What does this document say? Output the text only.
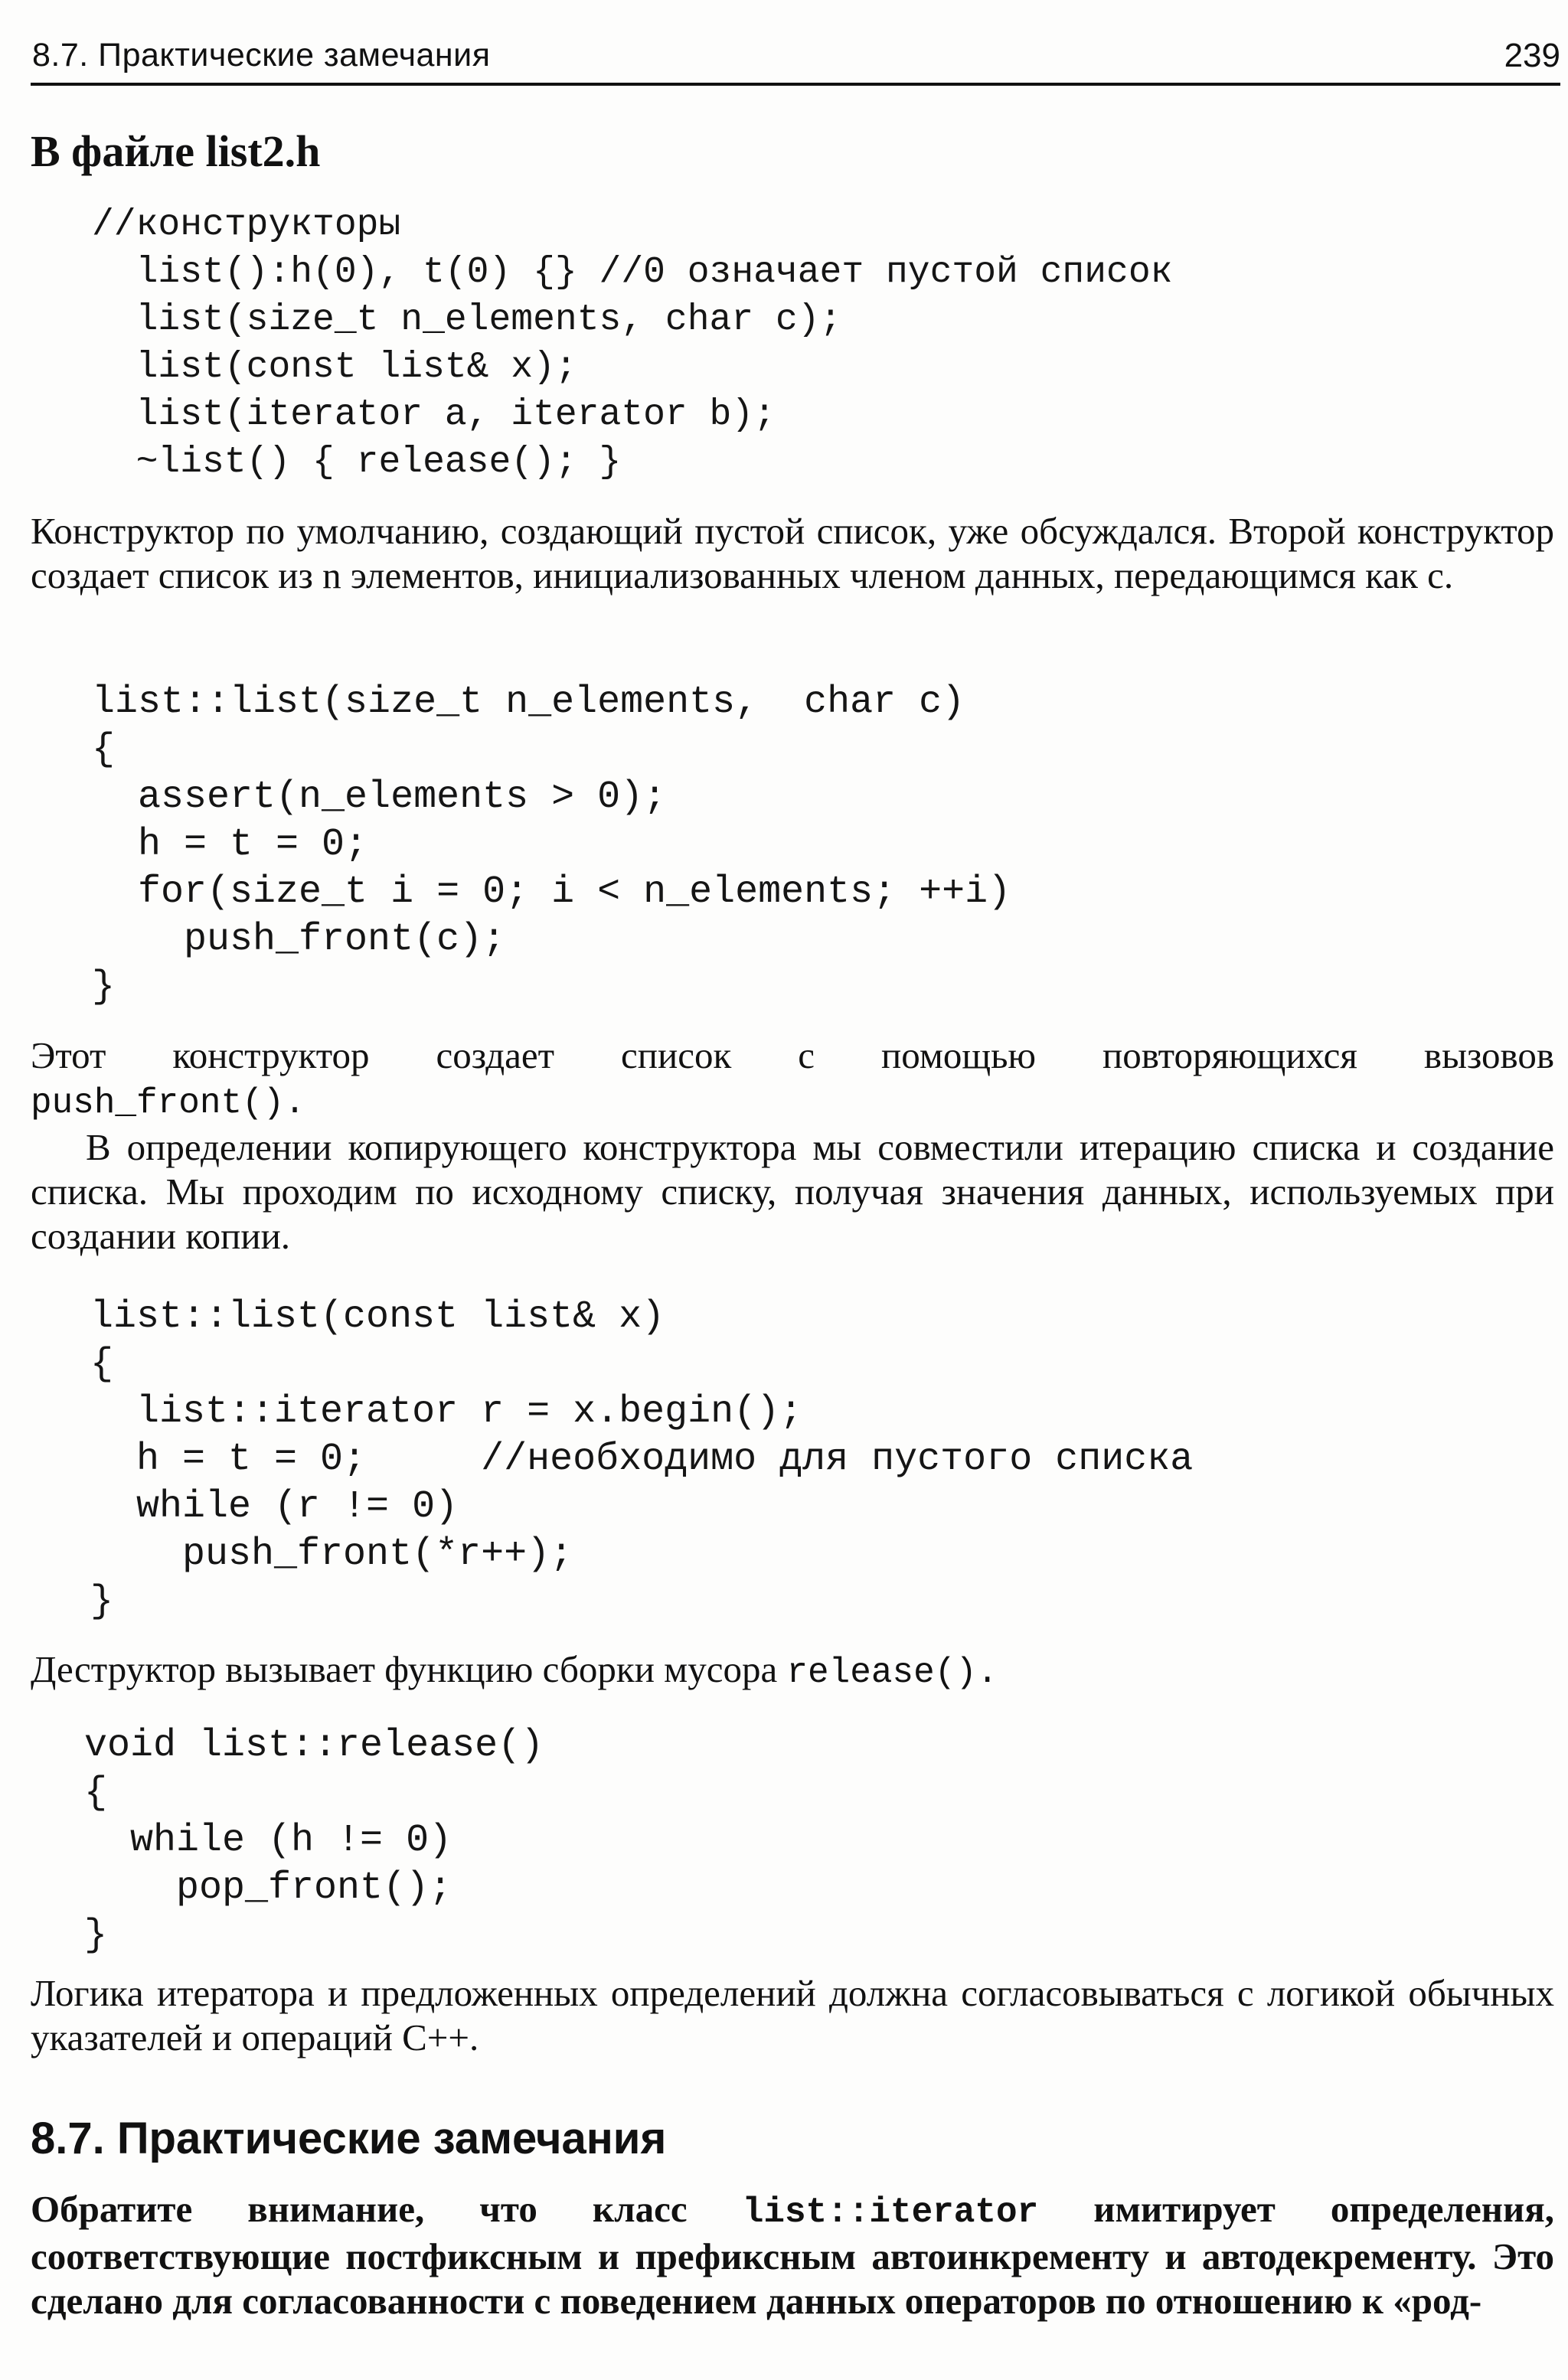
8.7. Практические замечания	239
В файле list2.h
//конструкторы
list():h(0), t(0) {} //0 означает пустой список
list(size_t n_elements, char c);
list(const list& x);
list(iterator a, iterator b);
~list() { release(); }

Конструктор по умолчанию, создающий пустой список, уже обсуждался. Второй конструктор создает список из n элементов, инициализованных членом данных, передающимся как с.

list::list(size_t n_elements,  char c)
{
assert(n_elements > 0);
h = t = 0;
for(size_t i = 0; i < n_elements; ++i)
push_front(c);
}

Этот конструктор создает список с помощью повторяющихся вызовов

push_front().

В определении копирующего конструктора мы совместили итерацию списка и создание списка. Мы проходим по исходному списку, получая значения данных, используемых при создании копии.

list::list(const list& x)
{
list::iterator r = x.begin();
h = t = 0;     //необходимо для пустого списка
while (r != 0)
push_front(*r++);
}

Деструктор вызывает функцию сборки мусора release().

void list::release()
{
while (h != 0)
pop_front();
}

Логика итератора и предложенных определений должна согласовываться с логикой обычных указателей и операций С++.

8.7. Практические замечания

Обратите внимание, что класс list::iterator имитирует определения, соответствующие постфиксным и префиксным автоинкременту и автодекременту. Это сделано для согласованности с поведением данных операторов по отношению к «род-
